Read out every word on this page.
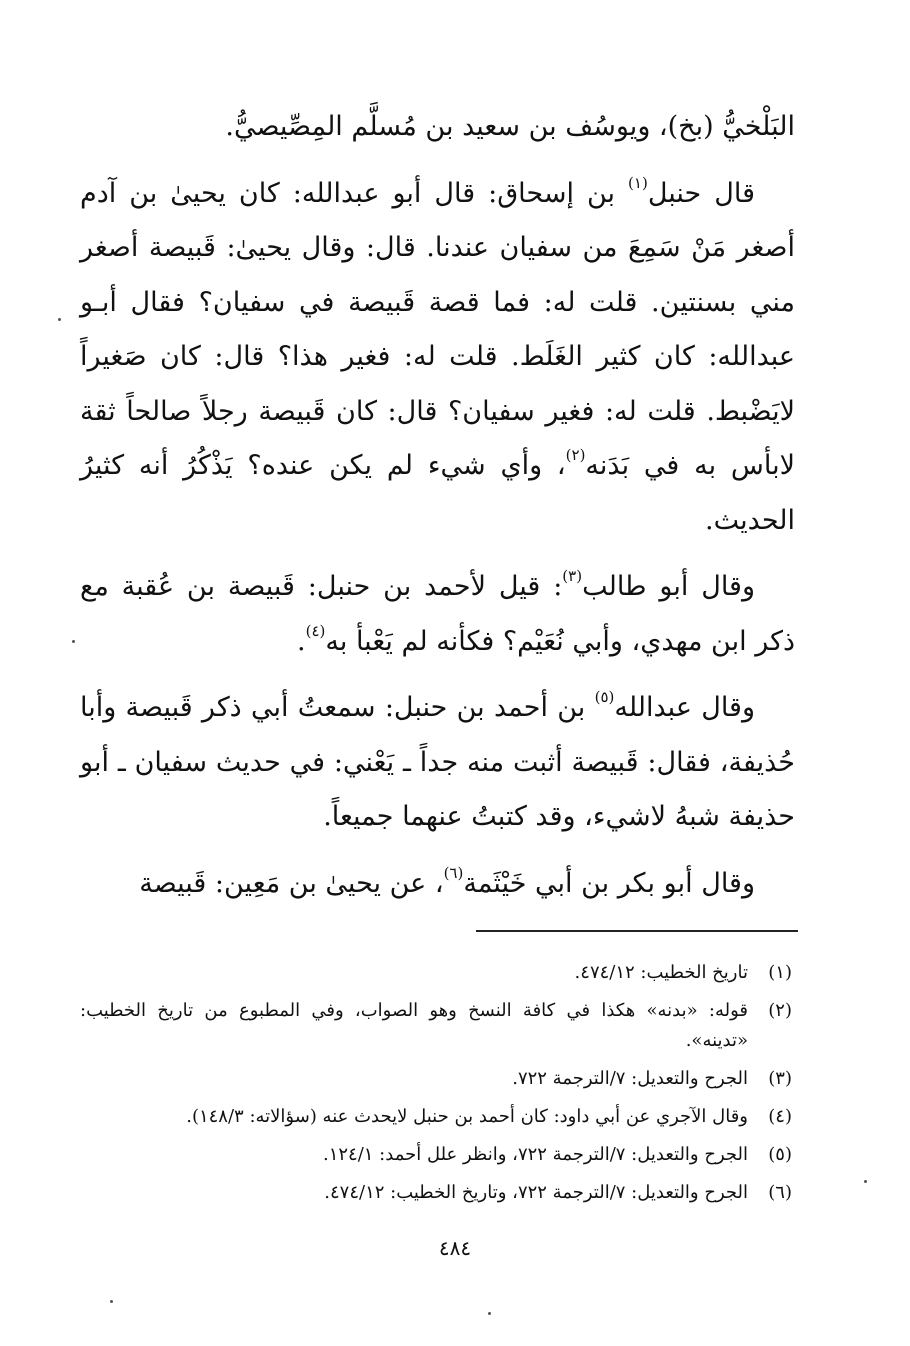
البَلْخيُّ (بخ)، ويوسُف بن سعيد بن مُسلَّم المِصِّيصيُّ.

قال حنبل$^{(١)}$ بن إسحاق: قال أبو عبدالله: كان يحيىٰ بن آدم أصغر مَنْ سَمِعَ من سفيان عندنا. قال: وقال يحيىٰ: قَبيصة أصغر مني بسنتين. قلت له: فما قصة قَبيصة في سفيان؟ فقال أبـو عبدالله: كان كثير الغَلَط. قلت له: فغير هذا؟ قال: كان صَغيراً لايَضْبط. قلت له: فغير سفيان؟ قال: كان قَبيصة رجلاً صالحاً ثقة لابأس به في بَدَنه$^{(٢)}$، وأي شيء لم يكن عنده؟ يَذْكُرُ أنه كثيرُ الحديث.

وقال أبو طالب$^{(٣)}$: قيل لأحمد بن حنبل: قَبيصة بن عُقبة مع ذكر ابن مهدي، وأبي نُعَيْم؟ فكأنه لم يَعْبأ به$^{(٤)}$.

وقال عبدالله$^{(٥)}$ بن أحمد بن حنبل: سمعتُ أبي ذكر قَبيصة وأبا حُذيفة، فقال: قَبيصة أثبت منه جداً ـ يَعْني: في حديث سفيان ـ أبو حذيفة شبهُ لاشيء، وقد كتبتُ عنهما جميعاً.

وقال أبو بكر بن أبي خَيْثَمة$^{(٦)}$، عن يحيىٰ بن مَعِين: قَبيصة

(١)
تاريخ الخطيب: ٤٧٤/١٢.
(٢)
قوله: «بدنه» هكذا في كافة النسخ وهو الصواب، وفي المطبوع من تاريخ الخطيب: «تدينه».
(٣)
الجرح والتعديل: ٧/الترجمة ٧٢٢.
(٤)
وقال الآجري عن أبي داود: كان أحمد بن حنبل لايحدث عنه (سؤالاته: ١٤٨/٣).
(٥)
الجرح والتعديل: ٧/الترجمة ٧٢٢، وانظر علل أحمد: ١٢٤/١.
(٦)
الجرح والتعديل: ٧/الترجمة ٧٢٢، وتاريخ الخطيب: ٤٧٤/١٢.
٤٨٤
